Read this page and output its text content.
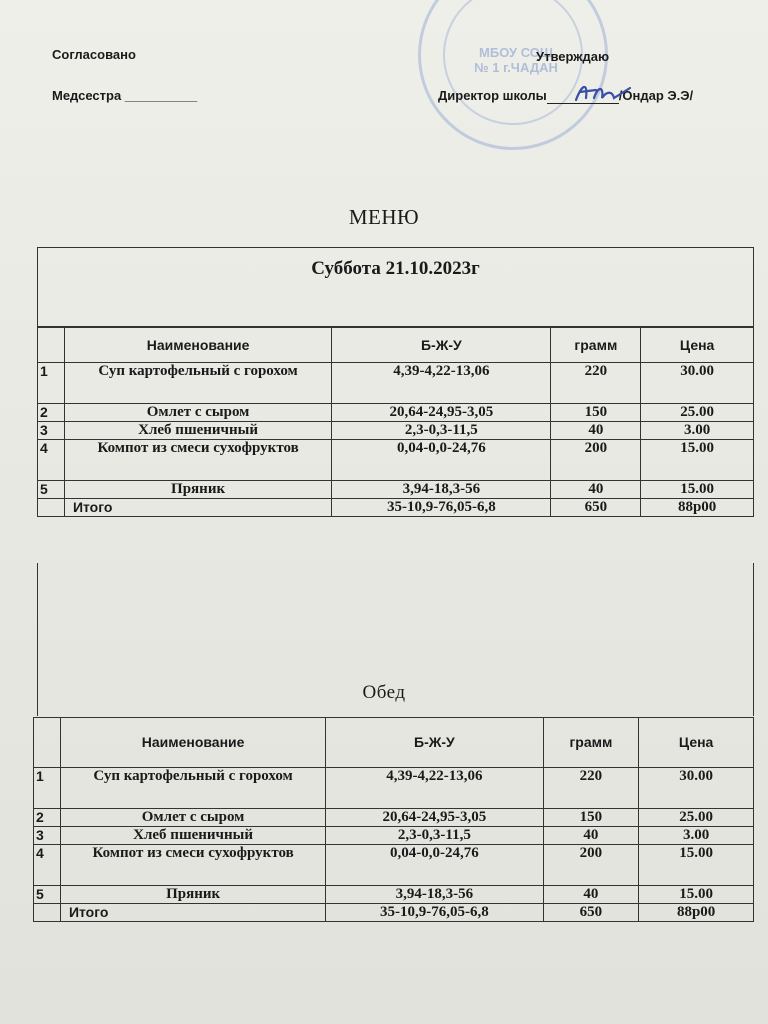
МБОУ СОШ
№ 1 г.ЧАДАН
Согласовано	Утверждаю
Медсестра __________	Директор школы	/Ондар Э.Э/
МЕНЮ
Суббота 21.10.2023г
	Наименование	Б-Ж-У	грамм	Цена
1	Суп картофельный с горохом	4,39-4,22-13,06	220	30.00
2	Омлет с сыром	20,64-24,95-3,05	150	25.00
3	Хлеб пшеничный	2,3-0,3-11,5	40	3.00
4	Компот из смеси сухофруктов	0,04-0,0-24,76	200	15.00
5	Пряник	3,94-18,3-56	40	15.00
	Итого	35-10,9-76,05-6,8	650	88р00
Обед
	Наименование	Б-Ж-У	грамм	Цена
1	Суп картофельный с горохом	4,39-4,22-13,06	220	30.00
2	Омлет с сыром	20,64-24,95-3,05	150	25.00
3	Хлеб пшеничный	2,3-0,3-11,5	40	3.00
4	Компот из смеси сухофруктов	0,04-0,0-24,76	200	15.00
5	Пряник	3,94-18,3-56	40	15.00
	Итого	35-10,9-76,05-6,8	650	88р00
